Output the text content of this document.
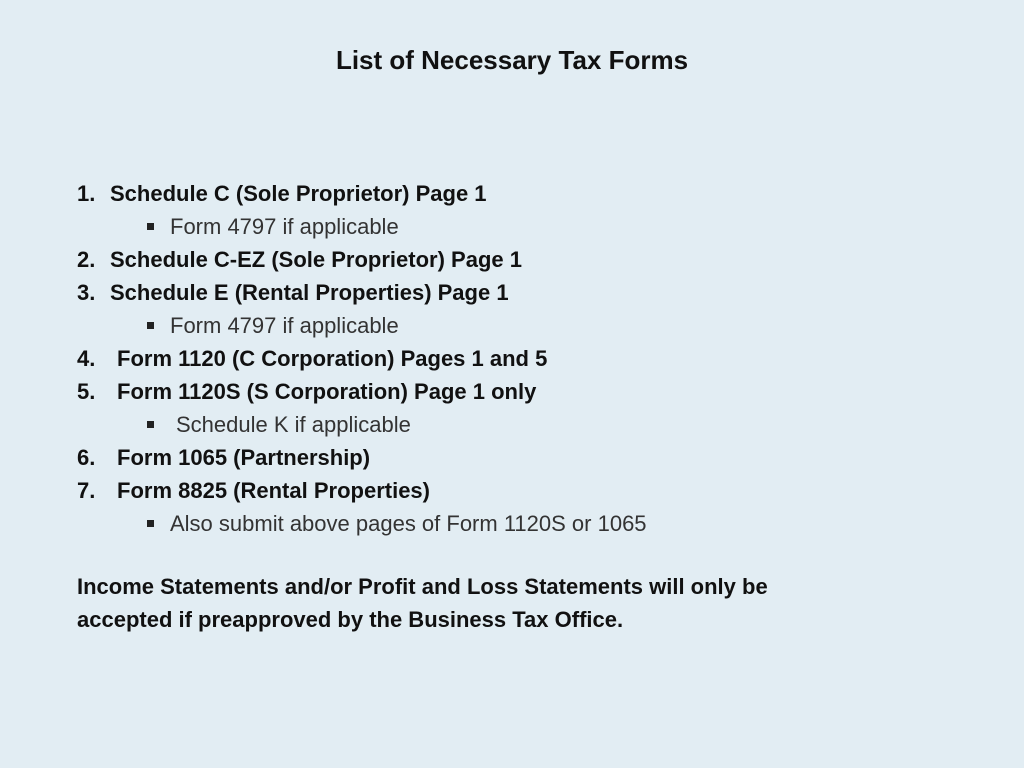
List of Necessary Tax Forms
1. Schedule C (Sole Proprietor) Page 1
Form 4797 if applicable
2. Schedule C-EZ (Sole Proprietor) Page 1
3. Schedule E (Rental Properties) Page 1
Form 4797 if applicable
4. Form 1120 (C Corporation) Pages 1 and 5
5. Form 1120S (S Corporation) Page 1 only
Schedule K if applicable
6. Form 1065 (Partnership)
7. Form 8825 (Rental Properties)
Also submit above pages of Form 1120S or 1065
Income Statements and/or Profit and Loss Statements will only be
accepted if preapproved by the Business Tax Office.
